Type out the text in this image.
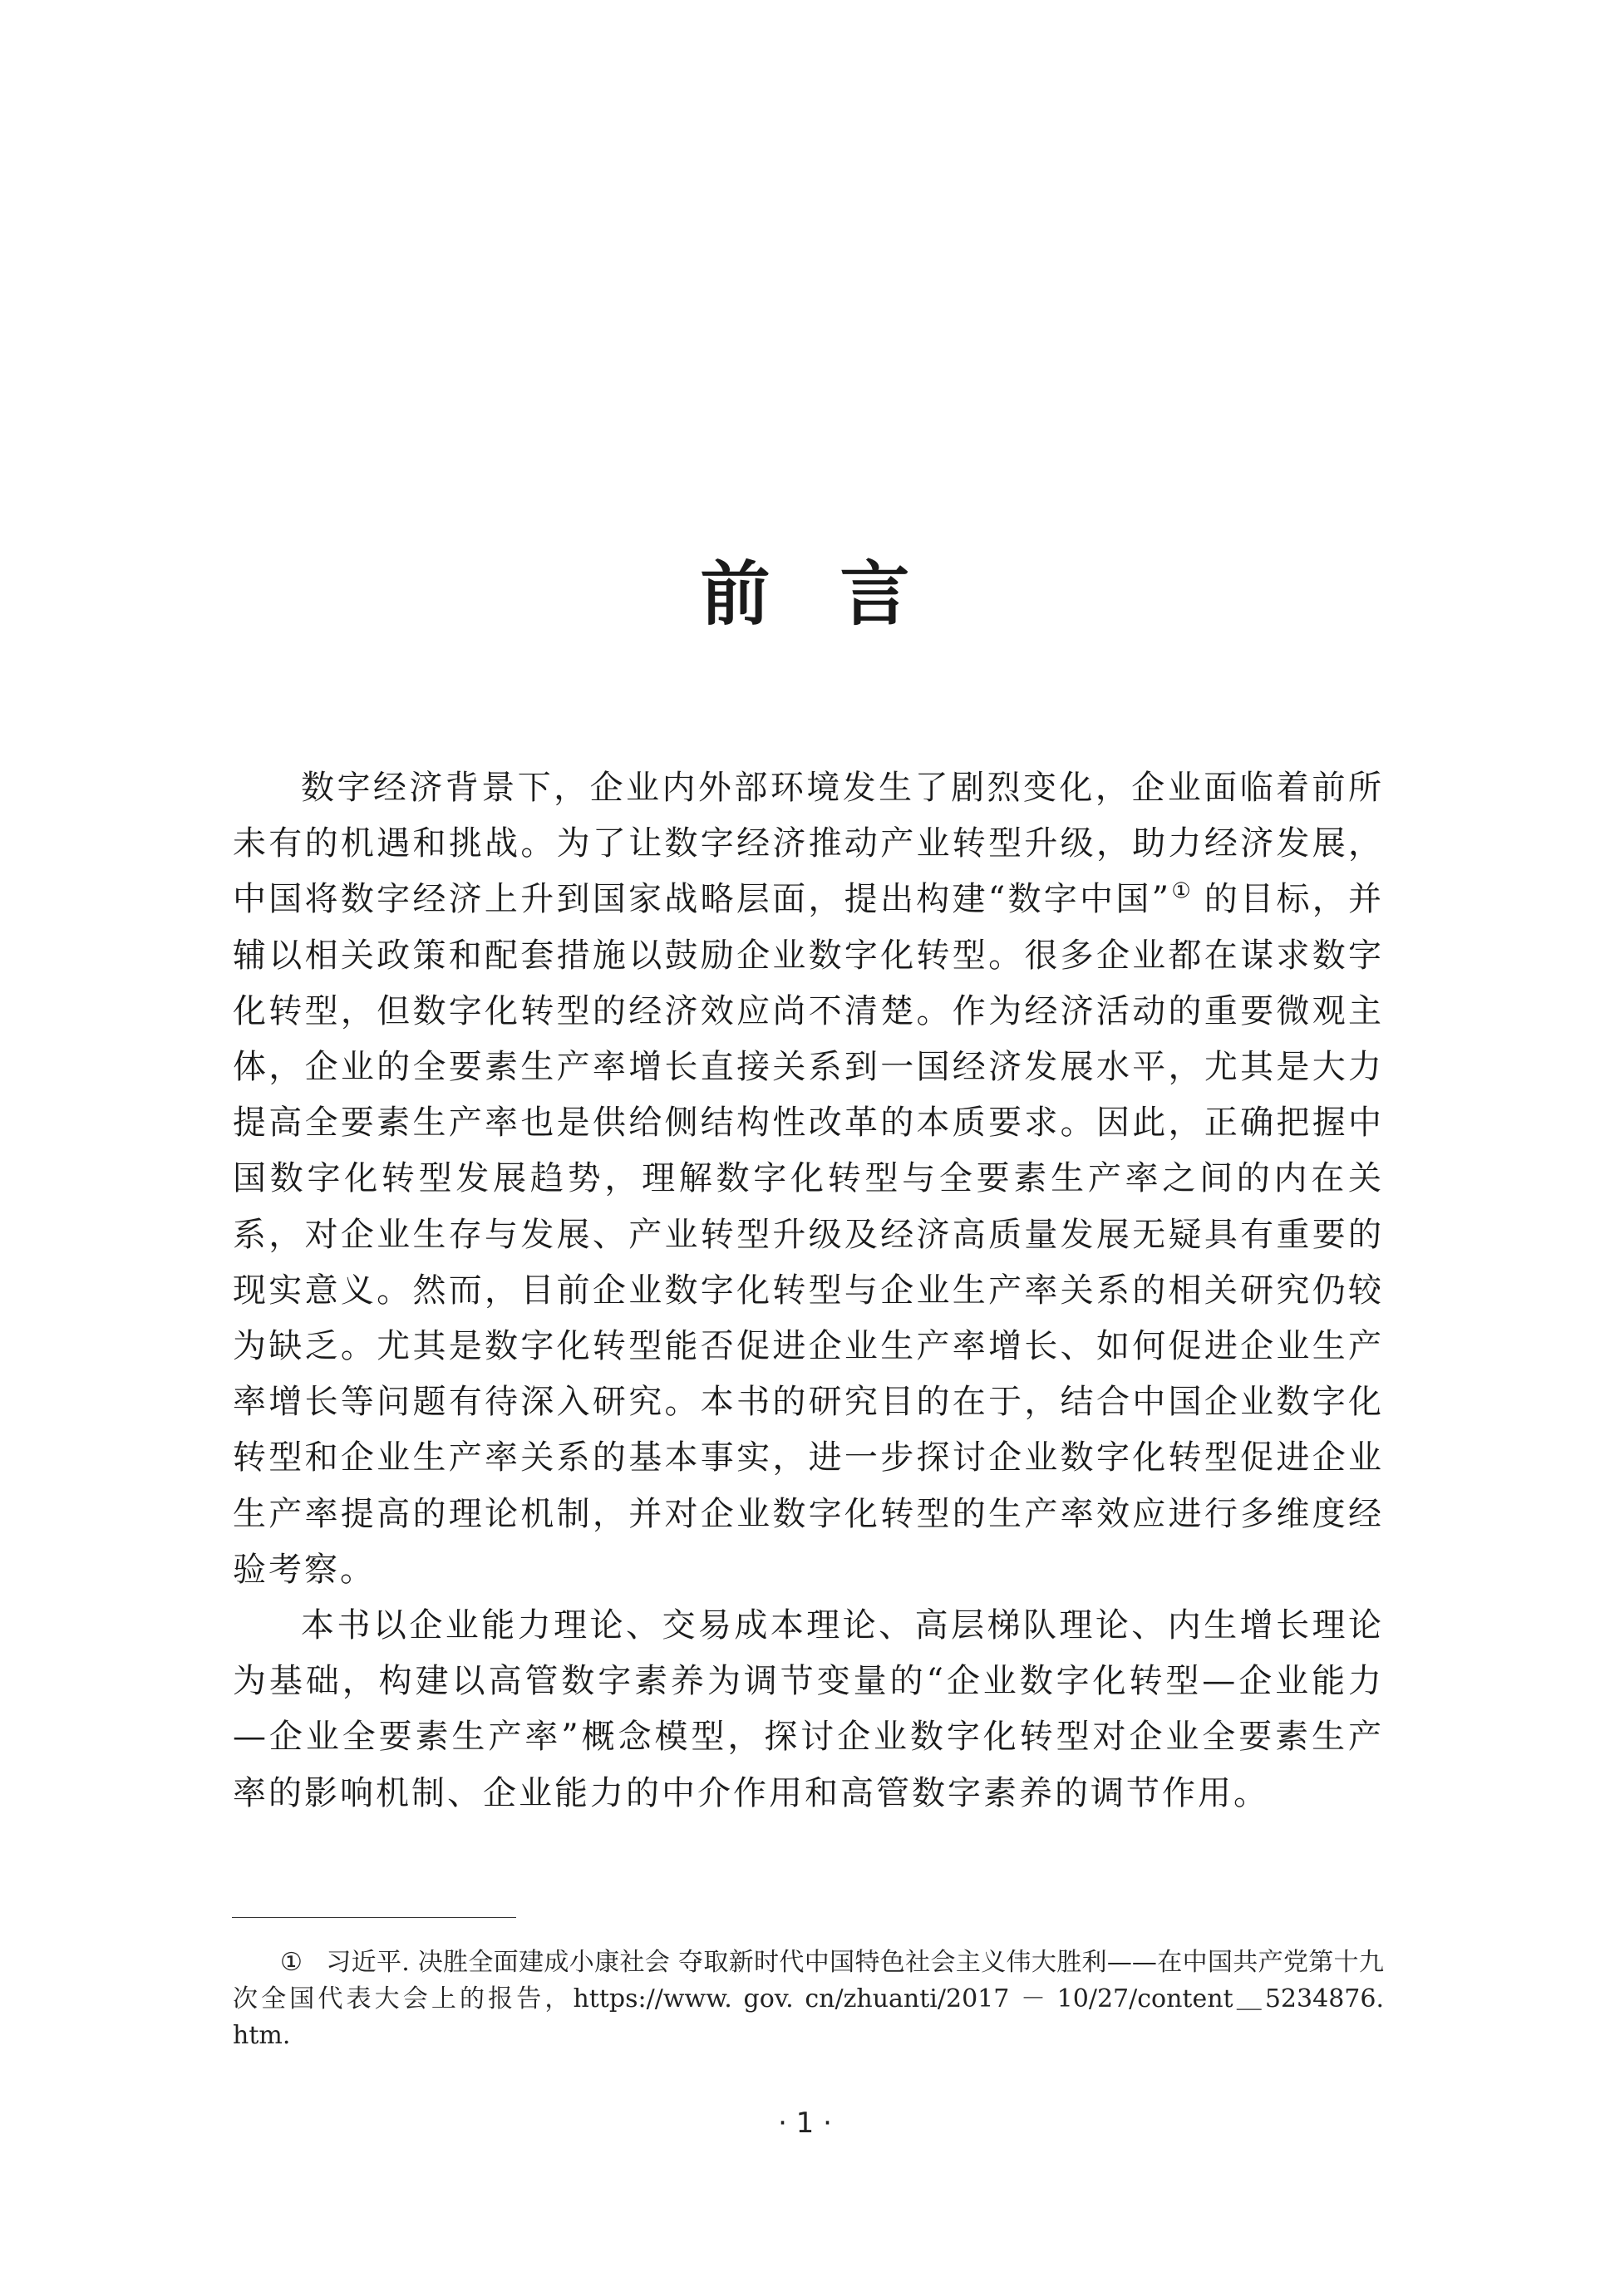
前言

数字经济背景下，企业内外部环境发生了剧烈变化，企业面临着前所未有的机遇和挑战。为了让数字经济推动产业转型升级，助力经济发展，中国将数字经济上升到国家战略层面，提出构建“数字中国”① 的目标，并辅以相关政策和配套措施以鼓励企业数字化转型。很多企业都在谋求数字化转型，但数字化转型的经济效应尚不清楚。作为经济活动的重要微观主体，企业的全要素生产率增长直接关系到一国经济发展水平，尤其是大力提高全要素生产率也是供给侧结构性改革的本质要求。因此，正确把握中国数字化转型发展趋势，理解数字化转型与全要素生产率之间的内在关系，对企业生存与发展、产业转型升级及经济高质量发展无疑具有重要的现实意义。然而，目前企业数字化转型与企业生产率关系的相关研究仍较为缺乏。尤其是数字化转型能否促进企业生产率增长、如何促进企业生产率增长等问题有待深入研究。本书的研究目的在于，结合中国企业数字化转型和企业生产率关系的基本事实，进一步探讨企业数字化转型促进企业生产率提高的理论机制，并对企业数字化转型的生产率效应进行多维度经验考察。

本书以企业能力理论、交易成本理论、高层梯队理论、内生增长理论为基础，构建以高管数字素养为调节变量的“企业数字化转型—企业能力—企业全要素生产率”概念模型，探讨企业数字化转型对企业全要素生产率的影响机制、企业能力的中介作用和高管数字素养的调节作用。

① 习近平. 决胜全面建成小康社会 夺取新时代中国特色社会主义伟大胜利——在中国共产党第十九次全国代表大会上的报告，https://www. gov. cn/zhuanti/2017 － 10/27/content＿5234876. htm.

· 1 ·
